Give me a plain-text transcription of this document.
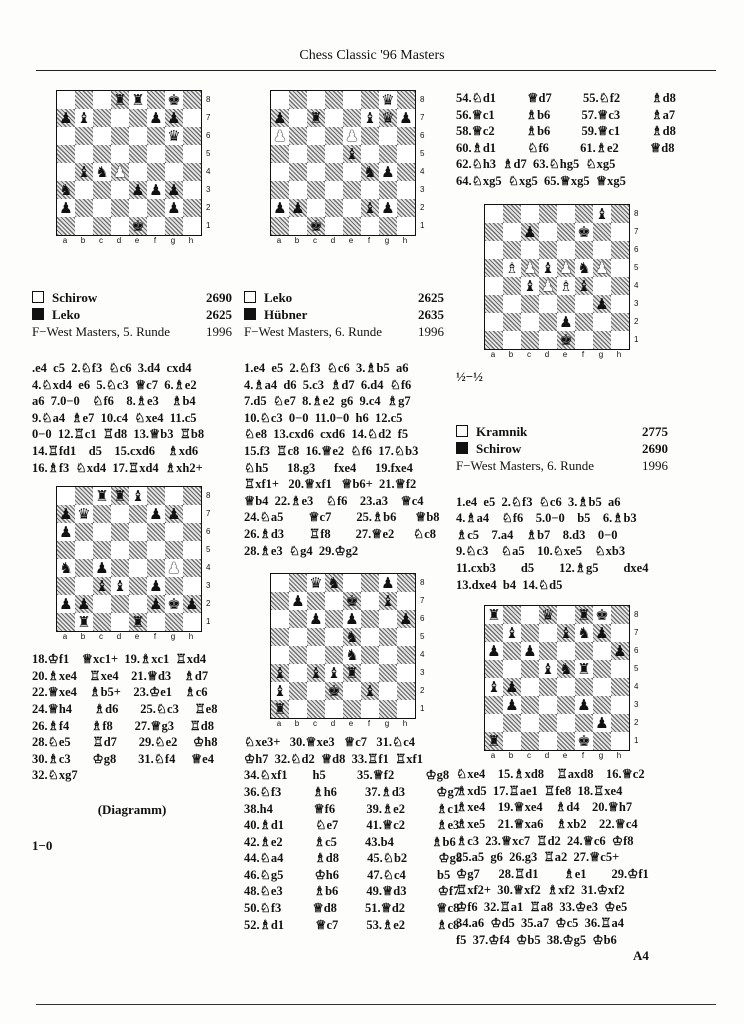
Chess Classic '96 Masters
♜ ♜ ♚
♟ ♝	♟ ♟
♛
♝ ♞ ♟
♞	♟ ♟ ♟
♟	♟
♚
8
7
6
5
4
3
2
1
a	b	c	d	e	f	g	h
Schirow	2690
Leko	2625
F−West Masters, 5. Runde	1996
.e4  c5  2.♘f3  ♘c6  3.d4  cxd4
4.♘xd4  e6  5.♘c3  ♕c7  6.♗e2
a6  7.0−0    ♘f6    8.♗e3    ♗b4
9.♘a4  ♗e7  10.c4  ♘xe4  11.c5
0−0  12.♖c1  ♖d8  13.♕b3  ♖b8
14.♖fd1    d5    15.cxd6    ♗xd6
16.♗f3  ♘xd4  17.♖xd4  ♗xh2+
♜ ♜ ♝
♟ ♛	♟ ♟
♟
♞ ♟	♟
♝ ♝ ♟
♟ ♟	♟ ♚ ♟
♜	♜
8
7
6
5
4
3
2
1
a	b	c	d	e	f	g	h
18.♔f1    ♕xc1+  19.♗xc1  ♖xd4
20.♗xe4    ♖xe4    21.♕d3    ♗d7
22.♕xe4    ♗b5+    23.♔e1    ♗c6
24.♕h4       ♗d6       25.♘c3     ♖e8
26.♗f4       ♗f8       27.♕g3     ♖d8
28.♘e5       ♖d7       29.♘e2     ♔h8
30.♗c3       ♔g8       31.♘f4     ♕e4
32.♘xg7
(Diagramm)
1−0
♛
♟ ♜	♝ ♛ ♟
♟	♟
♝
♞ ♟
♟ ♟	♝ ♟
♚
8
7
6
5
4
3
2
1
a	b	c	d	e	f	g	h
Leko	2625
Hübner	2635
F−West Masters, 6. Runde	1996
1.e4  e5  2.♘f3  ♘c6  3.♗b5  a6
4.♗a4  d6  5.c3  ♗d7  6.d4  ♘f6
7.d5  ♘e7  8.♗e2  g6  9.c4  ♗g7
10.♘c3  0−0  11.0−0  h6  12.c5
♘e8  13.cxd6  cxd6  14.♘d2  f5
15.f3  ♖c8  16.♕e2  ♘f6  17.♘b3
♘h5      18.g3      fxe4      19.fxe4
♖xf1+   20.♕xf1   ♕b6+  21.♕f2
♕b4  22.♗e3    ♘f6    23.a3    ♕c4
24.♘a5        ♕c7        25.♗b6      ♕b8
26.♗d3        ♖f8        27.♕e2      ♘c8
28.♗e3  ♘g4  29.♔g2
♛ ♞	♟
♟	♚ ♝
♟ ♟	♟
♞
♞
♝ ♝ ♝ ♜
♝	♚ ♝
♜
8
7
6
5
4
3
2
1
a	b	c	d	e	f	g	h
♘xe3+   30.♕xe3   ♕c7   31.♘c4
♔h7  32.♘d2  ♕d8  33.♖f1  ♖xf1
34.♘xf1        h5          35.♕f2          ♔g8
36.♘f3          ♗h6         37.♗d3          ♔g7
38.h4             ♕f6          39.♗e2          ♗c1
40.♗d1          ♘e7         41.♕c2          ♗e3
42.♗e2          ♗c5         43.b4            ♗b6
44.♘a4          ♗d8         45.♘b2          ♔g8
46.♘g5          ♔h6         47.♘c4          b5
48.♘e3          ♗b6         49.♕d3          ♔f7
50.♘f3          ♕d8         51.♕d2          ♕c8
52.♗d1          ♕c7         53.♗e2          ♗c8
54.♘d1          ♕d7          55.♘f2          ♗d8
56.♕c1          ♗b6          57.♕c3          ♗a7
58.♕c2          ♗b6          59.♕c1          ♗d8
60.♗d1          ♘f6          61.♗e2          ♕d8
62.♘h3  ♗d7  63.♘hg5  ♘xg5
64.♘xg5  ♘xg5  65.♕xg5  ♕xg5
♝
♟	♚
♗ ♟ ♝ ♟ ♞ ♟
♝ ♟ ♗ ♝
♟
♟
♚
8
7
6
5
4
3
2
1
a	b	c	d	e	f	g	h
½−½
Kramnik	2775
Schirow	2690
F−West Masters, 6. Runde	1996
1.e4  e5  2.♘f3  ♘c6  3.♗b5  a6
4.♗a4    ♘f6    5.0−0    b5    6.♗b3
♗c5    7.a4    ♗b7    8.d3    0−0
9.♘c3    ♘a5    10.♘xe5    ♘xb3
11.cxb3        d5        12.♗g5        dxe4
13.dxe4  b4  14.♘d5
♜	♛ ♜ ♚
♝	♝ ♞ ♟
♟ ♟	♟
♝ ♞ ♜
♝ ♟
♟	♟
♟
♜	♚
8
7
6
5
4
3
2
1
a	b	c	d	e	f	g	h
♘xe4    15.♗xd8    ♖axd8    16.♕c2
♗xd5  17.♖ae1  ♖fe8  18.♖xe4
♗xe4    19.♕xe4    ♗d4    20.♕h7
♗xe5    21.♕xa6    ♗xb2    22.♕c4
♗c3  23.♕xc7  ♖d2  24.♕c6  ♔f8
25.a5  g6  26.g3  ♖a2  27.♕c5+
♔g7      28.♖d1        ♗e1        29.♔f1
♖xf2+  30.♕xf2  ♗xf2  31.♔xf2
♔f6  32.♖a1  ♖a8  33.♔e3  ♔e5
34.a6  ♔d5  35.a7  ♔c5  36.♖a4
f5  37.♔f4  ♔b5  38.♔g5  ♔b6
A4
